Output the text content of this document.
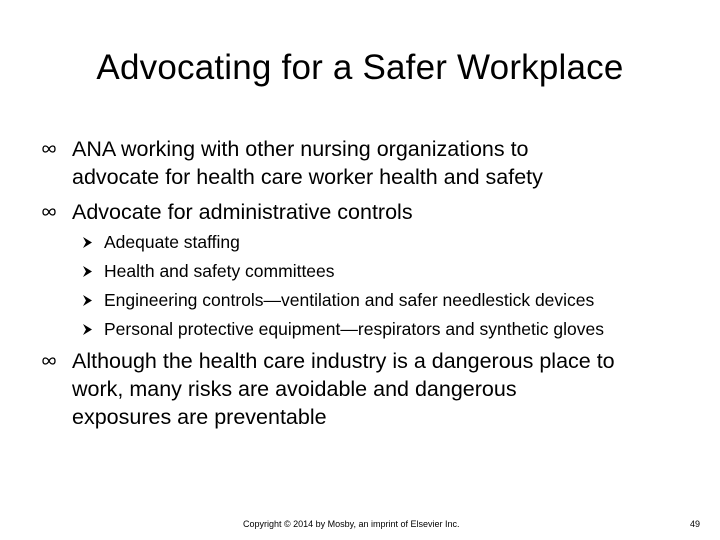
Advocating for a Safer Workplace
ANA working with other nursing organizations to
advocate for health care worker health and safety
Advocate for administrative controls
Adequate staffing
Health and safety committees
Engineering controls—ventilation and safer needlestick devices
Personal protective equipment—respirators and synthetic gloves
Although the health care industry is a dangerous place to
work, many risks are avoidable and dangerous
exposures are preventable
Copyright © 2014 by Mosby, an imprint of Elsevier Inc.	49
